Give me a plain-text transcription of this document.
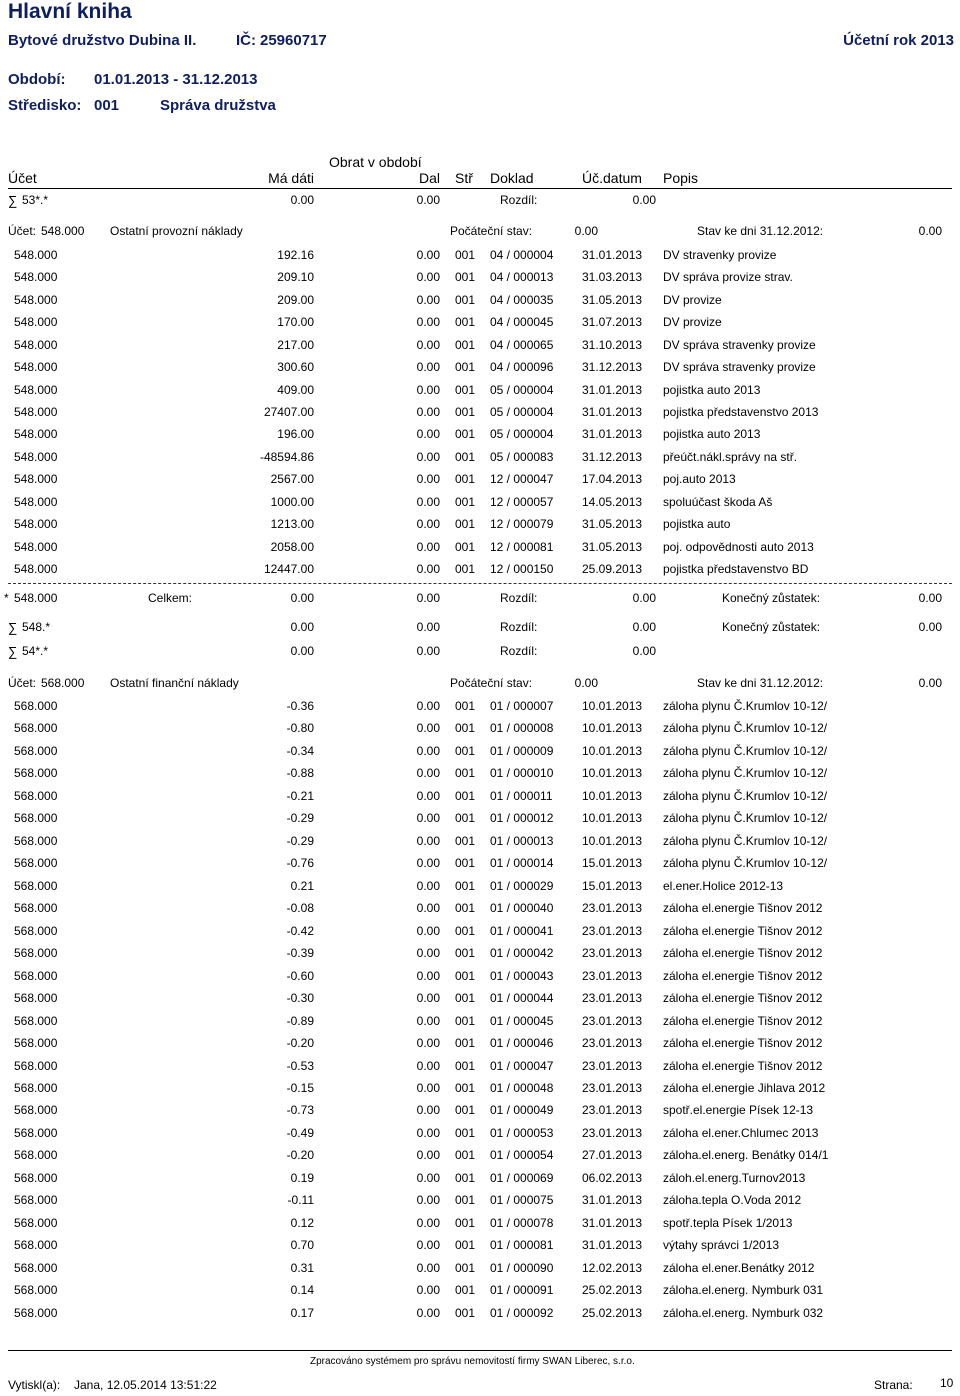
Hlavní kniha
Bytové družstvo Dubina II.	IČ: 25960717	Účetní rok 2013
Období: 01.01.2013 - 31.12.2013
Středisko: 001	Správa družstva
Obrat v období
Účet	Má dáti	Dal Stř Doklad	Úč.datum Popis
∑ 53*.*	0.00	0.00	Rozdíl:	0.00
Účet: 548.000 Ostatní provozní náklady	Počáteční stav:	0.00	Stav ke dni 31.12.2012:	0.00
548.000	192.16	0.00 001 04 / 000004 31.01.2013 DV stravenky provize
548.000	209.10	0.00 001 04 / 000013 31.03.2013 DV správa provize strav.
548.000	209.00	0.00 001 04 / 000035 31.05.2013 DV provize
548.000	170.00	0.00 001 04 / 000045 31.07.2013 DV provize
548.000	217.00	0.00 001 04 / 000065 31.10.2013 DV správa stravenky provize
548.000	300.60	0.00 001 04 / 000096 31.12.2013 DV správa stravenky provize
548.000	409.00	0.00 001 05 / 000004 31.01.2013 pojistka auto 2013
548.000	27407.00	0.00 001 05 / 000004 31.01.2013 pojistka představenstvo 2013
548.000	196.00	0.00 001 05 / 000004 31.01.2013 pojistka auto 2013
548.000	-48594.86	0.00 001 05 / 000083 31.12.2013 přeúčt.nákl.správy na stř.
548.000	2567.00	0.00 001 12 / 000047 17.04.2013 poj.auto 2013
548.000	1000.00	0.00 001 12 / 000057 14.05.2013 spoluúčast škoda Aš
548.000	1213.00	0.00 001 12 / 000079 31.05.2013 pojistka auto
548.000	2058.00	0.00 001 12 / 000081 31.05.2013 poj. odpovědnosti auto 2013
548.000	12447.00	0.00 001 12 / 000150 25.09.2013 pojistka představenstvo BD
* 548.000	Celkem:	0.00	0.00	Rozdíl:	0.00	Konečný zůstatek:	0.00
∑ 548.*	0.00	0.00	Rozdíl:	0.00	Konečný zůstatek:	0.00
∑ 54*.*	0.00	0.00	Rozdíl:	0.00
Účet: 568.000 Ostatní finanční náklady	Počáteční stav:	0.00	Stav ke dni 31.12.2012:	0.00
568.000	-0.36	0.00 001 01 / 000007 10.01.2013 záloha plynu Č.Krumlov 10-12/
568.000	-0.80	0.00 001 01 / 000008 10.01.2013 záloha plynu Č.Krumlov 10-12/
568.000	-0.34	0.00 001 01 / 000009 10.01.2013 záloha plynu Č.Krumlov 10-12/
568.000	-0.88	0.00 001 01 / 000010 10.01.2013 záloha plynu Č.Krumlov 10-12/
568.000	-0.21	0.00 001 01 / 000011 10.01.2013 záloha plynu Č.Krumlov 10-12/
568.000	-0.29	0.00 001 01 / 000012 10.01.2013 záloha plynu Č.Krumlov 10-12/
568.000	-0.29	0.00 001 01 / 000013 10.01.2013 záloha plynu Č.Krumlov 10-12/
568.000	-0.76	0.00 001 01 / 000014 15.01.2013 záloha plynu Č.Krumlov 10-12/
568.000	0.21	0.00 001 01 / 000029 15.01.2013 el.ener.Holice 2012-13
568.000	-0.08	0.00 001 01 / 000040 23.01.2013 záloha el.energie Tišnov 2012
568.000	-0.42	0.00 001 01 / 000041 23.01.2013 záloha el.energie Tišnov 2012
568.000	-0.39	0.00 001 01 / 000042 23.01.2013 záloha el.energie Tišnov 2012
568.000	-0.60	0.00 001 01 / 000043 23.01.2013 záloha el.energie Tišnov 2012
568.000	-0.30	0.00 001 01 / 000044 23.01.2013 záloha el.energie Tišnov 2012
568.000	-0.89	0.00 001 01 / 000045 23.01.2013 záloha el.energie Tišnov 2012
568.000	-0.20	0.00 001 01 / 000046 23.01.2013 záloha el.energie Tišnov 2012
568.000	-0.53	0.00 001 01 / 000047 23.01.2013 záloha el.energie Tišnov 2012
568.000	-0.15	0.00 001 01 / 000048 23.01.2013 záloha el.energie Jihlava 2012
568.000	-0.73	0.00 001 01 / 000049 23.01.2013 spotř.el.energie Písek 12-13
568.000	-0.49	0.00 001 01 / 000053 23.01.2013 záloha el.ener.Chlumec 2013
568.000	-0.20	0.00 001 01 / 000054 27.01.2013 záloha.el.energ. Benátky 014/1
568.000	0.19	0.00 001 01 / 000069 06.02.2013 záloh.el.energ.Turnov2013
568.000	-0.11	0.00 001 01 / 000075 31.01.2013 záloha.tepla O.Voda 2012
568.000	0.12	0.00 001 01 / 000078 31.01.2013 spotř.tepla Písek 1/2013
568.000	0.70	0.00 001 01 / 000081 31.01.2013 výtahy správci 1/2013
568.000	0.31	0.00 001 01 / 000090 12.02.2013 záloha el.ener.Benátky 2012
568.000	0.14	0.00 001 01 / 000091 25.02.2013 záloha.el.energ. Nymburk 031
568.000	0.17	0.00 001 01 / 000092 25.02.2013 záloha.el.energ. Nymburk 032
Zpracováno systémem pro správu nemovitostí firmy SWAN Liberec, s.r.o.
Vytiskl(a): Jana, 12.05.2014 13:51:22	Strana: 10
